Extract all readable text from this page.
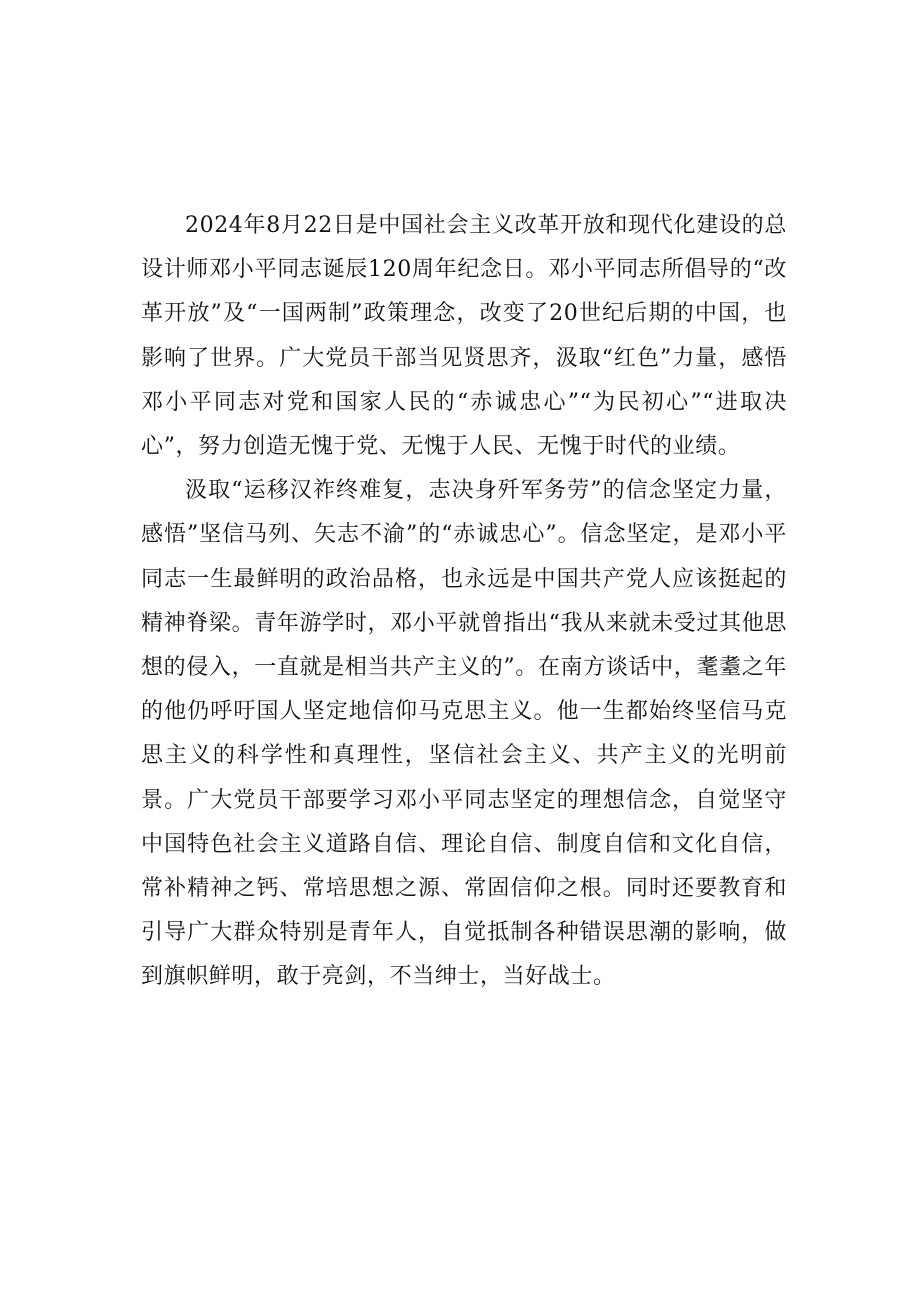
2024年8月22日是中国社会主义改革开放和现代化建设的总设计师邓小平同志诞辰120周年纪念日。邓小平同志所倡导的“改革开放”及“一国两制”政策理念，改变了20世纪后期的中国，也影响了世界。广大党员干部当见贤思齐，汲取“红色”力量，感悟邓小平同志对党和国家人民的“赤诚忠心”“为民初心”“进取决心”，努力创造无愧于党、无愧于人民、无愧于时代的业绩。

汲取“运移汉祚终难复，志决身歼军务劳”的信念坚定力量，感悟”坚信马列、矢志不渝”的“赤诚忠心”。信念坚定，是邓小平同志一生最鲜明的政治品格，也永远是中国共产党人应该挺起的精神脊梁。青年游学时，邓小平就曾指出“我从来就未受过其他思想的侵入，一直就是相当共产主义的”。在南方谈话中，耄耋之年的他仍呼吁国人坚定地信仰马克思主义。他一生都始终坚信马克思主义的科学性和真理性，坚信社会主义、共产主义的光明前景。广大党员干部要学习邓小平同志坚定的理想信念，自觉坚守中国特色社会主义道路自信、理论自信、制度自信和文化自信，常补精神之钙、常培思想之源、常固信仰之根。同时还要教育和引导广大群众特别是青年人，自觉抵制各种错误思潮的影响，做到旗帜鲜明，敢于亮剑，不当绅士，当好战士。
